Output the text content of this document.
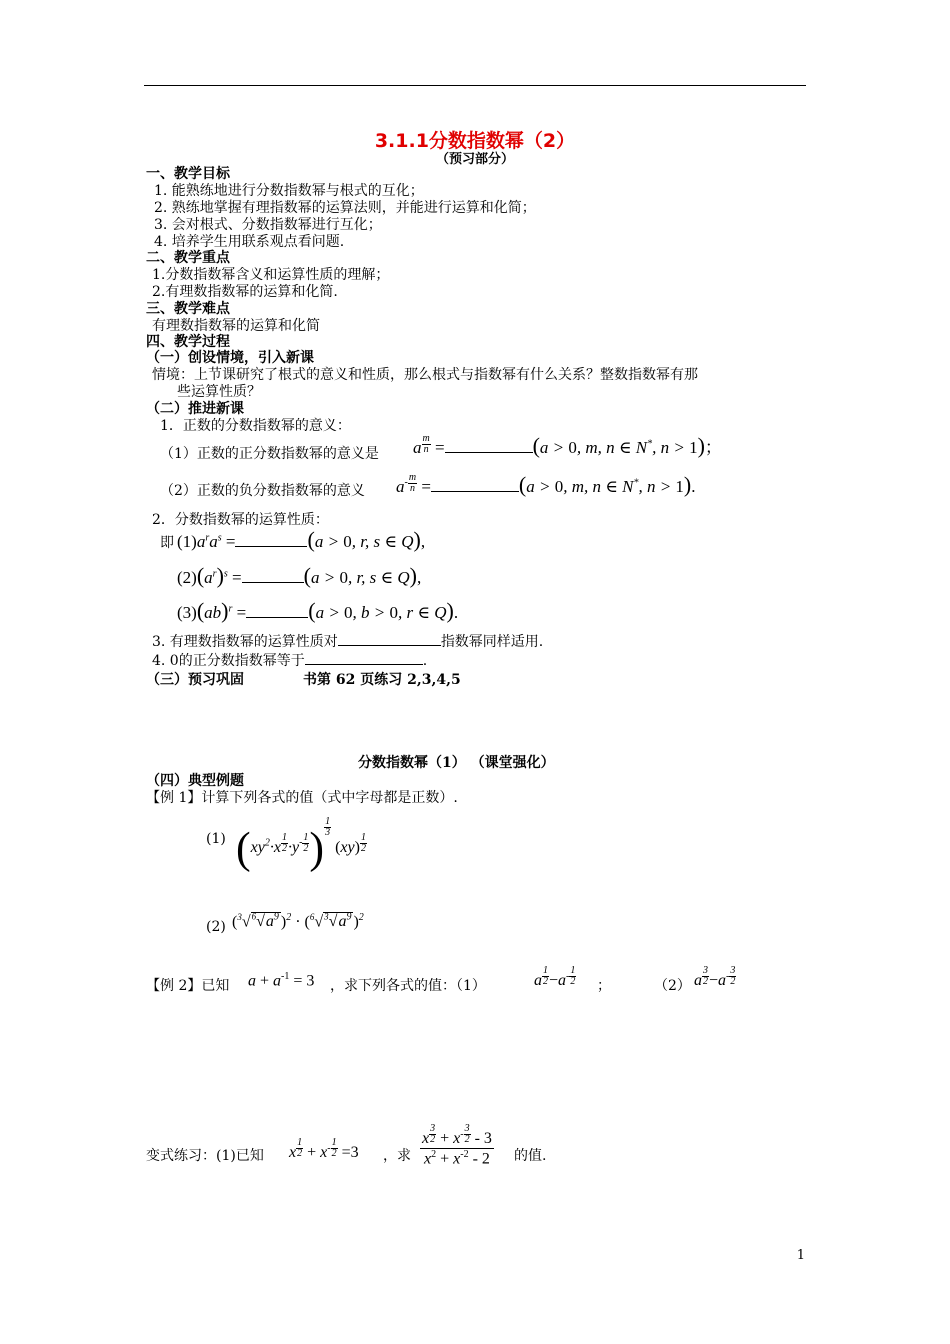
3.1.1分数指数幂（2）
（预习部分）
一、教学目标
1. 能熟练地进行分数指数幂与根式的互化；
2. 熟练地掌握有理指数幂的运算法则，并能进行运算和化简；
3. 会对根式、分数指数幂进行互化；
4. 培养学生用联系观点看问题.
二、教学重点
1.分数指数幂含义和运算性质的理解；
2.有理数指数幂的运算和化简.
三、教学难点
有理数指数幂的运算和化简
四、教学过程
（一）创设情境，引入新课
情境：上节课研究了根式的意义和性质，那么根式与指数幂有什么关系？整数指数幂有那
些运算性质？
（二）推进新课
1．正数的分数指数幂的意义：
（1）正数的正分数指数幂的意义是 a $^{\frac{m}{n}}$ =	(a > 0, m, n ∈ N*, n > 1)；
（2）正数的负分数指数幂的意义 $a^{- \frac{m}{n}}$ =	(a > 0, m, n ∈ N*, n > 1).
2．分数指数幂的运算性质：
即 $(1)a^ra^s$ =	(a > 0, r, s ∈ Q),
$(2)(a^r)^s$ =	(a > 0, r, s ∈ Q),
(3)(ab)$^r$ =	(a > 0, b > 0, r ∈ Q).
3. 有理数指数幂的运算性质对	指数幂同样适用.
4. 0的正分数指数幂等于	.
（三）预习巩固	书第 62 页练习 2,3,4,5
分数指数幂（1） （课堂强化）
（四）典型例题
【例 1】计算下列各式的值（式中字母都是正数）.
(1) ($xy^2\cdot x$ $^{\frac{1}{2}} \cdot y^{- \frac{1}{2}}$ ) $^{\frac{1}{3}}$
(xy) $^{\frac{1}{2}}$
(2) ($^3√^6√a^9$ )$^2 \cdot (^6√^3√a^9$ )$^2$
【例 2】已知 $a + a^{-1} = 3$ ，求下列各式的值：（1）	a $^{\frac{1}{2}} -a^{- \frac{1}{2}}$ ；	（2） a $^{\frac{3}{2}} -a^{- \frac{3}{2}}$
变式练习：(1)已知 x $^{\frac{1}{2}} + x^{- \frac{1}{2}} =3$ ，求
x $^{\frac{3}{2}} + x^{- \frac{3}{2}} - 3$
$x^2 + x^{-2} - 2$ 的值.
1
